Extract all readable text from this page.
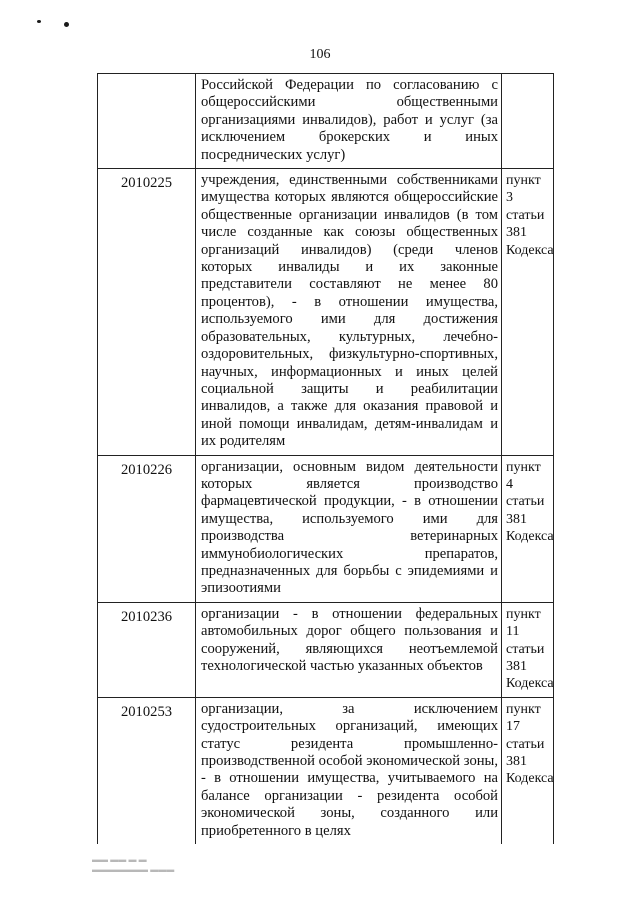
106
	Российской Федерации по согласованию с общероссийскими общественными организациями инвалидов), работ и услуг (за исключением брокерских и иных посреднических услуг)	
2010225	учреждения, единственными собственниками имущества которых являются общероссийские общественные организации инвалидов (в том числе созданные как союзы общественных организаций инвалидов) (среди членов которых инвалиды и их законные представители составляют не менее 80 процентов), - в отношении имущества, используемого ими для достижения образовательных, культурных, лечебно-оздоровительных, физкультурно-спортивных, научных, информационных и иных целей социальной защиты и реабилитации инвалидов, а также для оказания правовой и иной помощи инвалидам, детям-инвалидам и их родителям	пункт 3 статьи 381 Кодекса
2010226	организации, основным видом деятельности которых является производство фармацевтической продукции, - в отношении имущества, используемого ими для производства ветеринарных иммунобиологических препаратов, предназначенных для борьбы с эпидемиями и эпизоотиями	пункт 4 статьи 381 Кодекса
2010236	организации - в отношении федеральных автомобильных дорог общего пользования и сооружений, являющихся неотъемлемой технологической частью указанных объектов	пункт 11 статьи 381 Кодекса
2010253	организации, за исключением судостроительных организаций, имеющих статус резидента промышленно-производственной особой экономической зоны, - в отношении имущества, учитываемого на балансе организации - резидента особой экономической зоны, созданного или приобретенного в целях	пункт 17 статьи 381 Кодекса
▬▬ ▬▬ ▬ ▬
▬▬▬▬▬▬▬ ▬▬▬
